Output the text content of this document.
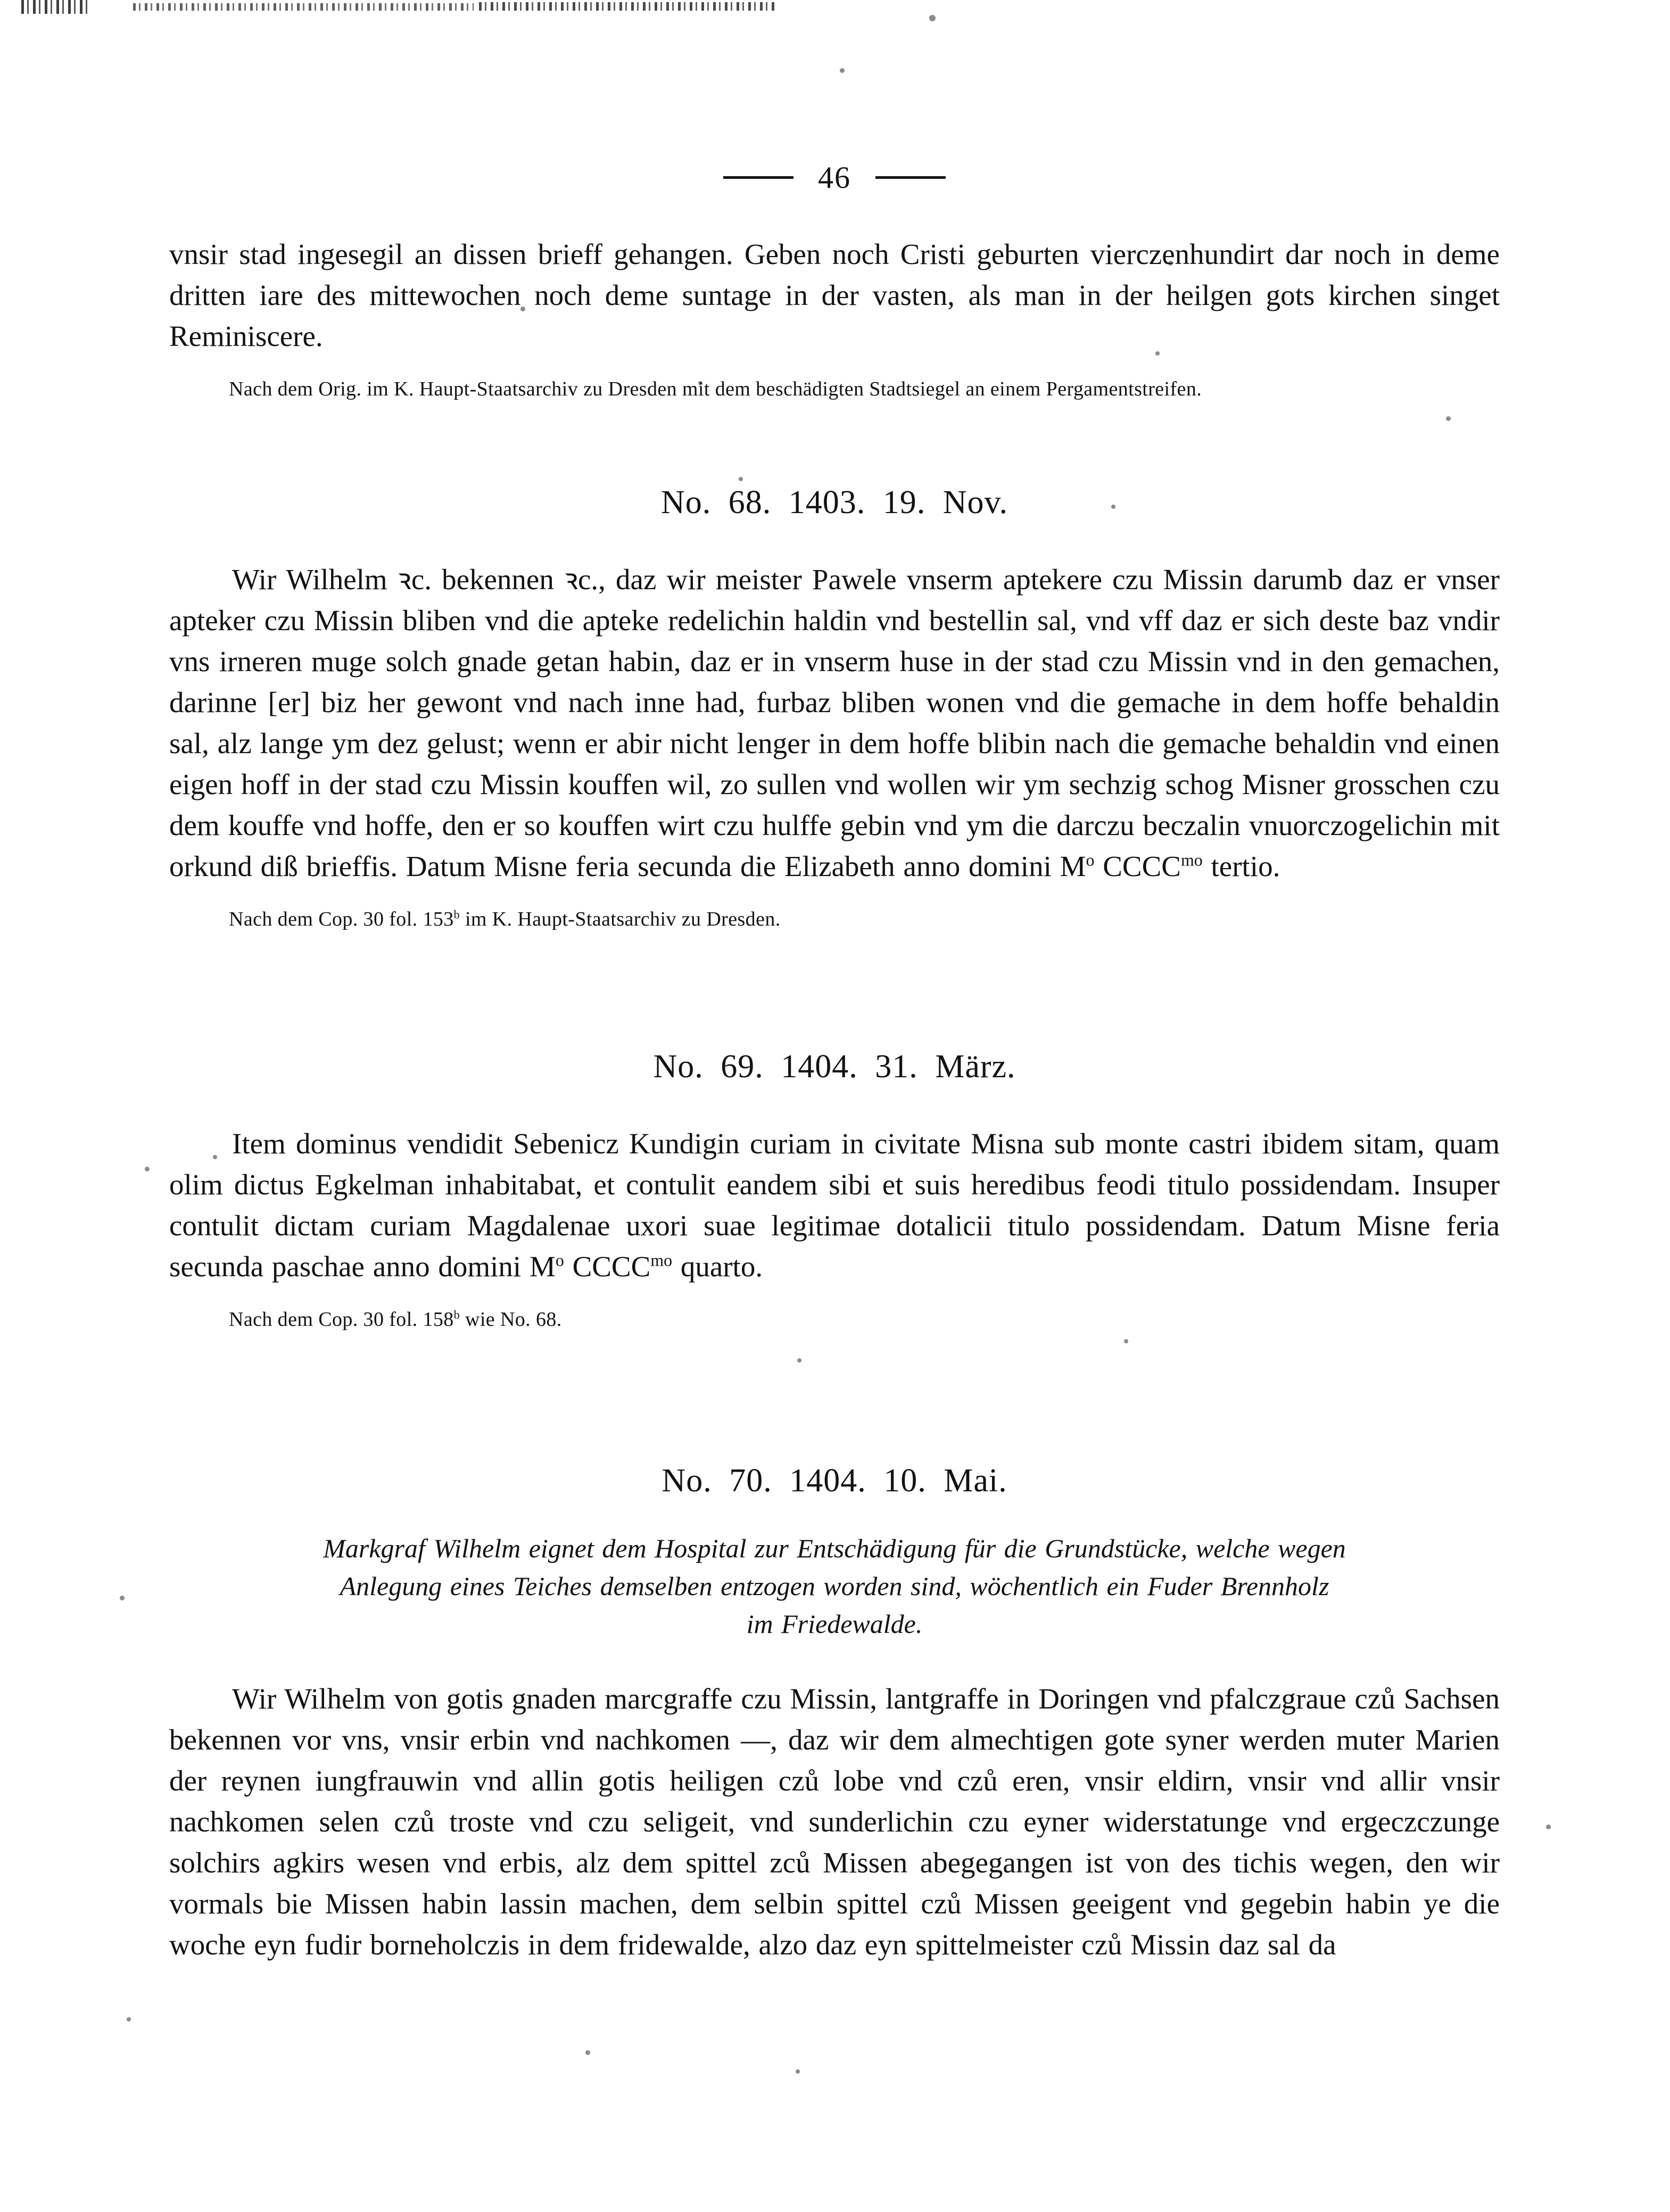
46

vnsir stad ingesegil an dissen brieff gehangen. Geben noch Cristi geburten vierczenhundirt dar noch in deme dritten iare des mittewochen noch deme suntage in der vasten, als man in der heilgen gots kirchen singet Reminiscere.

Nach dem Orig. im K. Haupt-Staatsarchiv zu Dresden mit dem beschädigten Stadtsiegel an einem Pergamentstreifen.

No. 68. 1403. 19. Nov.

Wir Wilhelm ꝛc. bekennen ꝛc., daz wir meister Pawele vnserm aptekere czu Missin darumb daz er vnser apteker czu Missin bliben vnd die apteke redelichin haldin vnd bestellin sal, vnd vff daz er sich deste baz vndir vns irneren muge solch gnade getan habin, daz er in vnserm huse in der stad czu Missin vnd in den gemachen, darinne [er] biz her gewont vnd nach inne had, furbaz bliben wonen vnd die gemache in dem hoffe behaldin sal, alz lange ym dez gelust; wenn er abir nicht lenger in dem hoffe blibin nach die gemache behaldin vnd einen eigen hoff in der stad czu Missin kouffen wil, zo sullen vnd wollen wir ym sechzig schog Misner grosschen czu dem kouffe vnd hoffe, den er so kouffen wirt czu hulffe gebin vnd ym die darczu beczalin vnuorczogelichin mit orkund diß brieffis. Datum Misne feria secunda die Elizabeth anno domini $M^o$ $CCCC^{mo}$ tertio.

Nach dem Cop. 30 fol. 153$^b$ im K. Haupt-Staatsarchiv zu Dresden.

No. 69. 1404. 31. März.

Item dominus vendidit Sebenicz Kundigin curiam in civitate Misna sub monte castri ibidem sitam, quam olim dictus Egkelman inhabitabat, et contulit eandem sibi et suis heredibus feodi titulo possidendam. Insuper contulit dictam curiam Magdalenae uxori suae legitimae dotalicii titulo possidendam. Datum Misne feria secunda paschae anno domini $M^o$ $CCCC^{mo}$ quarto.

Nach dem Cop. 30 fol. 158$^b$ wie No. 68.

No. 70. 1404. 10. Mai.

Markgraf Wilhelm eignet dem Hospital zur Entschädigung für die Grundstücke, welche wegen

Anlegung eines Teiches demselben entzogen worden sind, wöchentlich ein Fuder Brennholz

im Friedewalde.

Wir Wilhelm von gotis gnaden marcgraffe czu Missin, lantgraffe in Doringen vnd pfalczgraue czů Sachsen bekennen vor vns, vnsir erbin vnd nachkomen —, daz wir dem almechtigen gote syner werden muter Marien der reynen iungfrauwin vnd allin gotis heiligen czů lobe vnd czů eren, vnsir eldirn, vnsir vnd allir vnsir nachkomen selen czů troste vnd czu seligeit, vnd sunderlichin czu eyner widerstatunge vnd ergeczczunge solchirs agkirs wesen vnd erbis, alz dem spittel zců Missen abegegangen ist von des tichis wegen, den wir vormals bie Missen habin lassin machen, dem selbin spittel czů Missen geeigent vnd gegebin habin ye die woche eyn fudir borneholczis in dem fridewalde, alzo daz eyn spittelmeister czů Missin daz sal da
